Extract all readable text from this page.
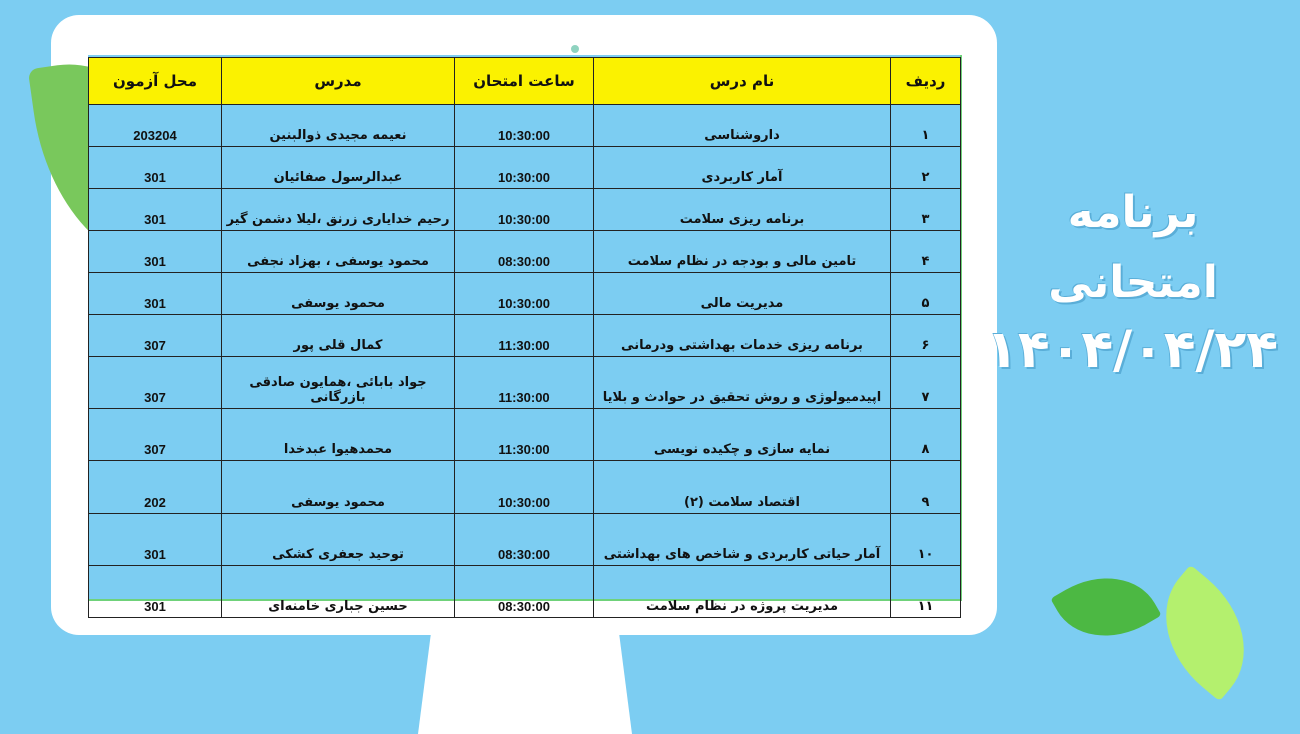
ردیف	نام درس	ساعت امتحان	مدرس	محل آزمون
۱	داروشناسی	10:30:00	نعیمه مجیدی ذوالبنین	203204
۲	آمار کاربردی	10:30:00	عبدالرسول صفائیان	301
۳	برنامه ریزی سلامت	10:30:00	رحیم خدایاری زرنق ،لیلا دشمن گیر	301
۴	تامین مالی و بودجه در نظام سلامت	08:30:00	محمود یوسفی ، بهزاد نجفی	301
۵	مدیریت مالی	10:30:00	محمود یوسفی	301
۶	برنامه ریزی خدمات بهداشتی ودرمانی	11:30:00	کمال قلی پور	307
۷	اپیدمیولوژی و روش تحقیق در حوادث و بلایا	11:30:00	جواد بابائی ،همایون صادقی بازرگانی	307
۸	نمایه سازی و چکیده نویسی	11:30:00	محمدهیوا عبدخدا	307
۹	اقتصاد سلامت (۲)	10:30:00	محمود یوسفی	202
۱۰	آمار حیاتی کاربردی و شاخص های بهداشتی	08:30:00	توحید جعفری کشکی	301
۱۱	مدیریت پروژه در نظام سلامت	08:30:00	حسین جباری خامنه‌ای	301
برنامه امتحانی
۱۴۰۴/۰۴/۲۴
